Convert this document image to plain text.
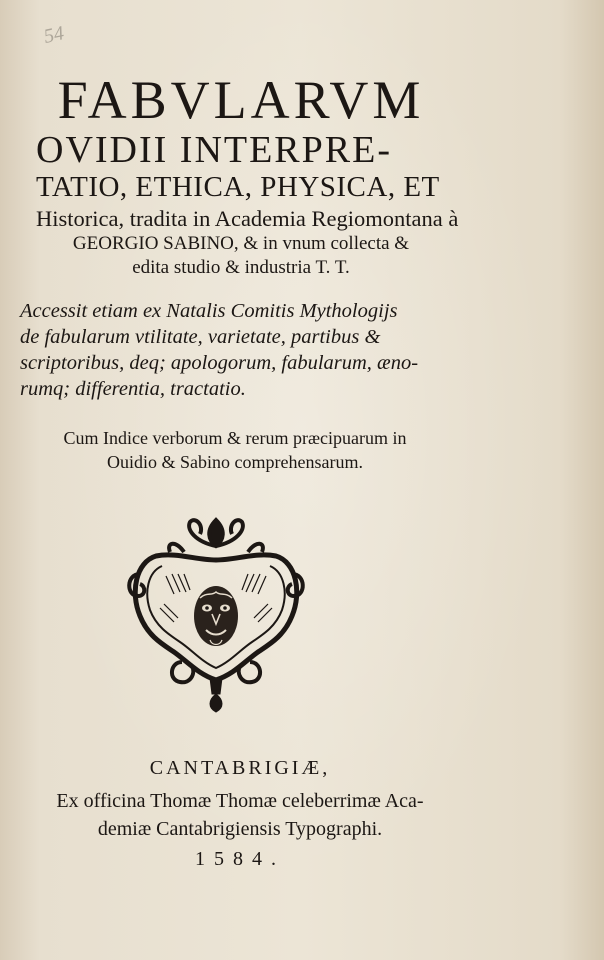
54
FABVLARVM
OVIDII INTERPRE-
TATIO, ETHICA, PHYSICA, ET
Historica, tradita in Academia Regiomontana à
GEORGIO SABINO, & in vnum collecta &
edita studio & industria T. T.
Accessit etiam ex Natalis Comitis Mythologijs
de fabularum vtilitate, varietate, partibus &
scriptoribus, deq; apologorum, fabularum, æno-
rumq; differentia, tractatio.
Cum Indice verborum & rerum præcipuarum in
Ouidio & Sabino comprehensarum.
CANTABRIGIÆ,
Ex officina Thomæ Thomæ celeberrimæ Aca-
demiæ Cantabrigiensis Typographi.
1584.
